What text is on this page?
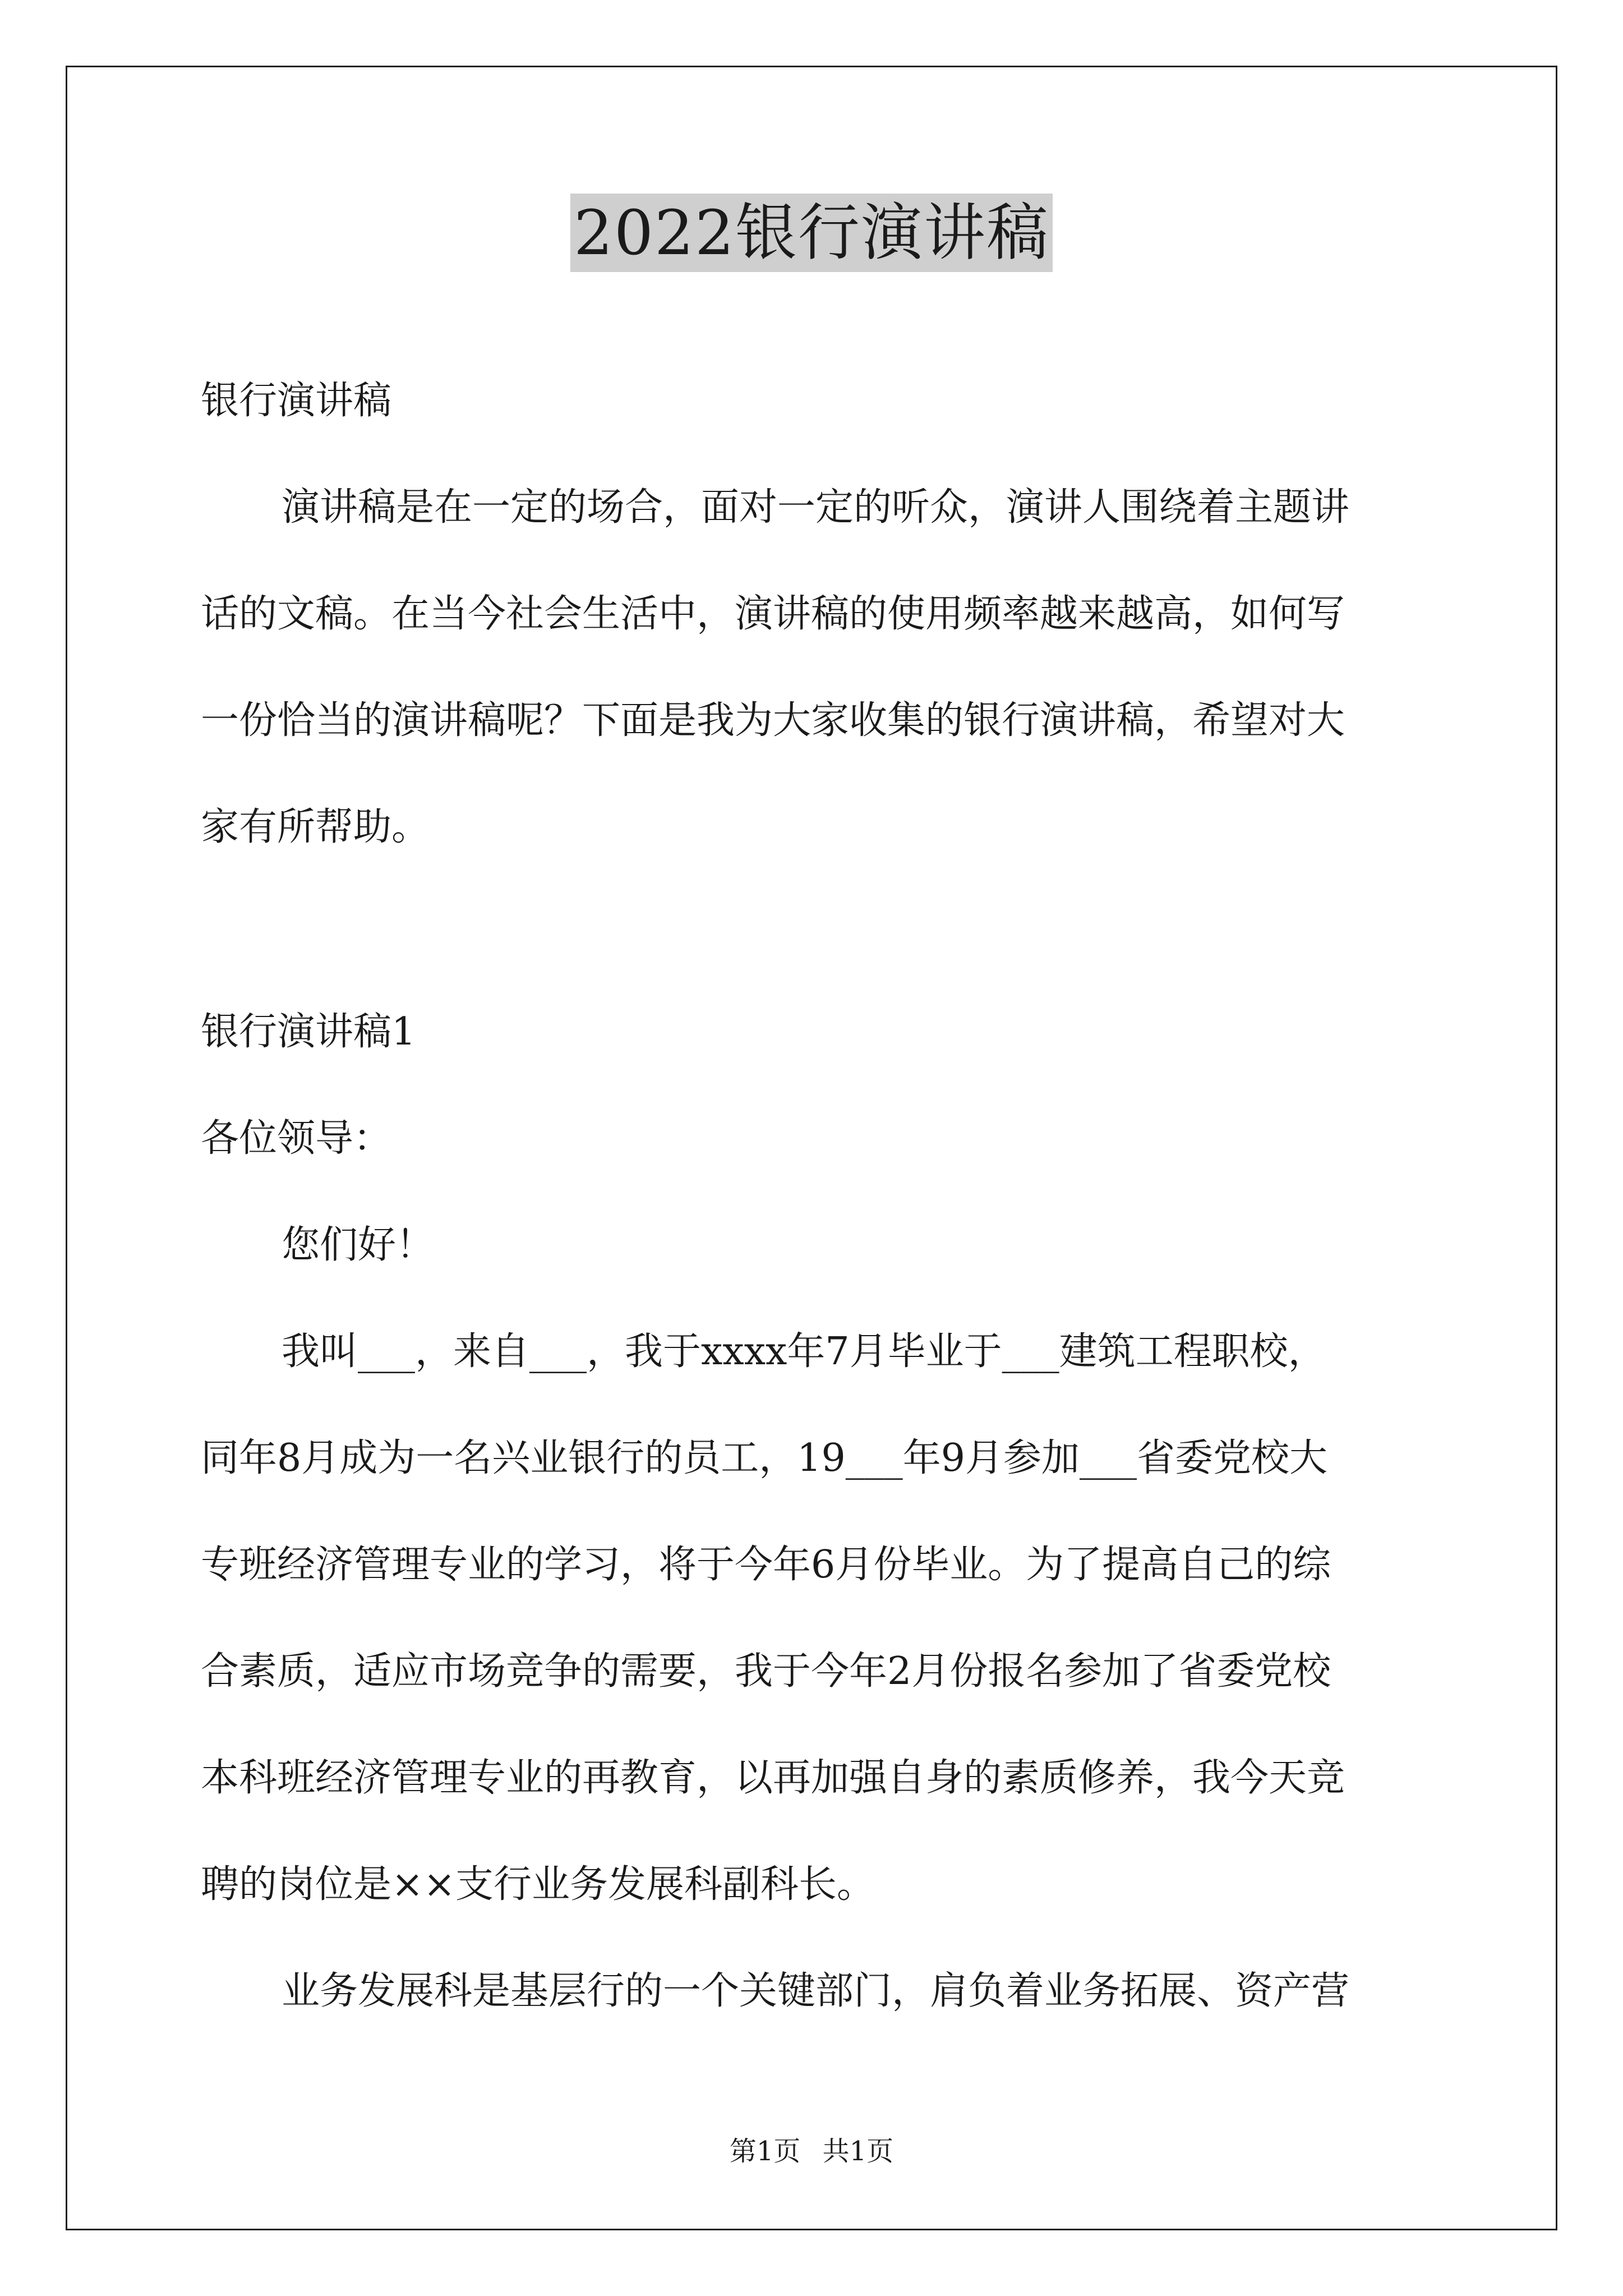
2022银行演讲稿
银行演讲稿
演讲稿是在一定的场合，面对一定的听众，演讲人围绕着主题讲
话的文稿。在当今社会生活中，演讲稿的使用频率越来越高，如何写
一份恰当的演讲稿呢？下面是我为大家收集的银行演讲稿，希望对大
家有所帮助。
银行演讲稿1
各位领导：
您们好！
我叫___，来自___，我于xxxx年7月毕业于___建筑工程职校，
同年8月成为一名兴业银行的员工，19___年9月参加___省委党校大
专班经济管理专业的学习，将于今年6月份毕业。为了提高自己的综
合素质，适应市场竞争的需要，我于今年2月份报名参加了省委党校
本科班经济管理专业的再教育，以再加强自身的素质修养，我今天竞
聘的岗位是××支行业务发展科副科长。
业务发展科是基层行的一个关键部门，肩负着业务拓展、资产营
第1页 共1页
